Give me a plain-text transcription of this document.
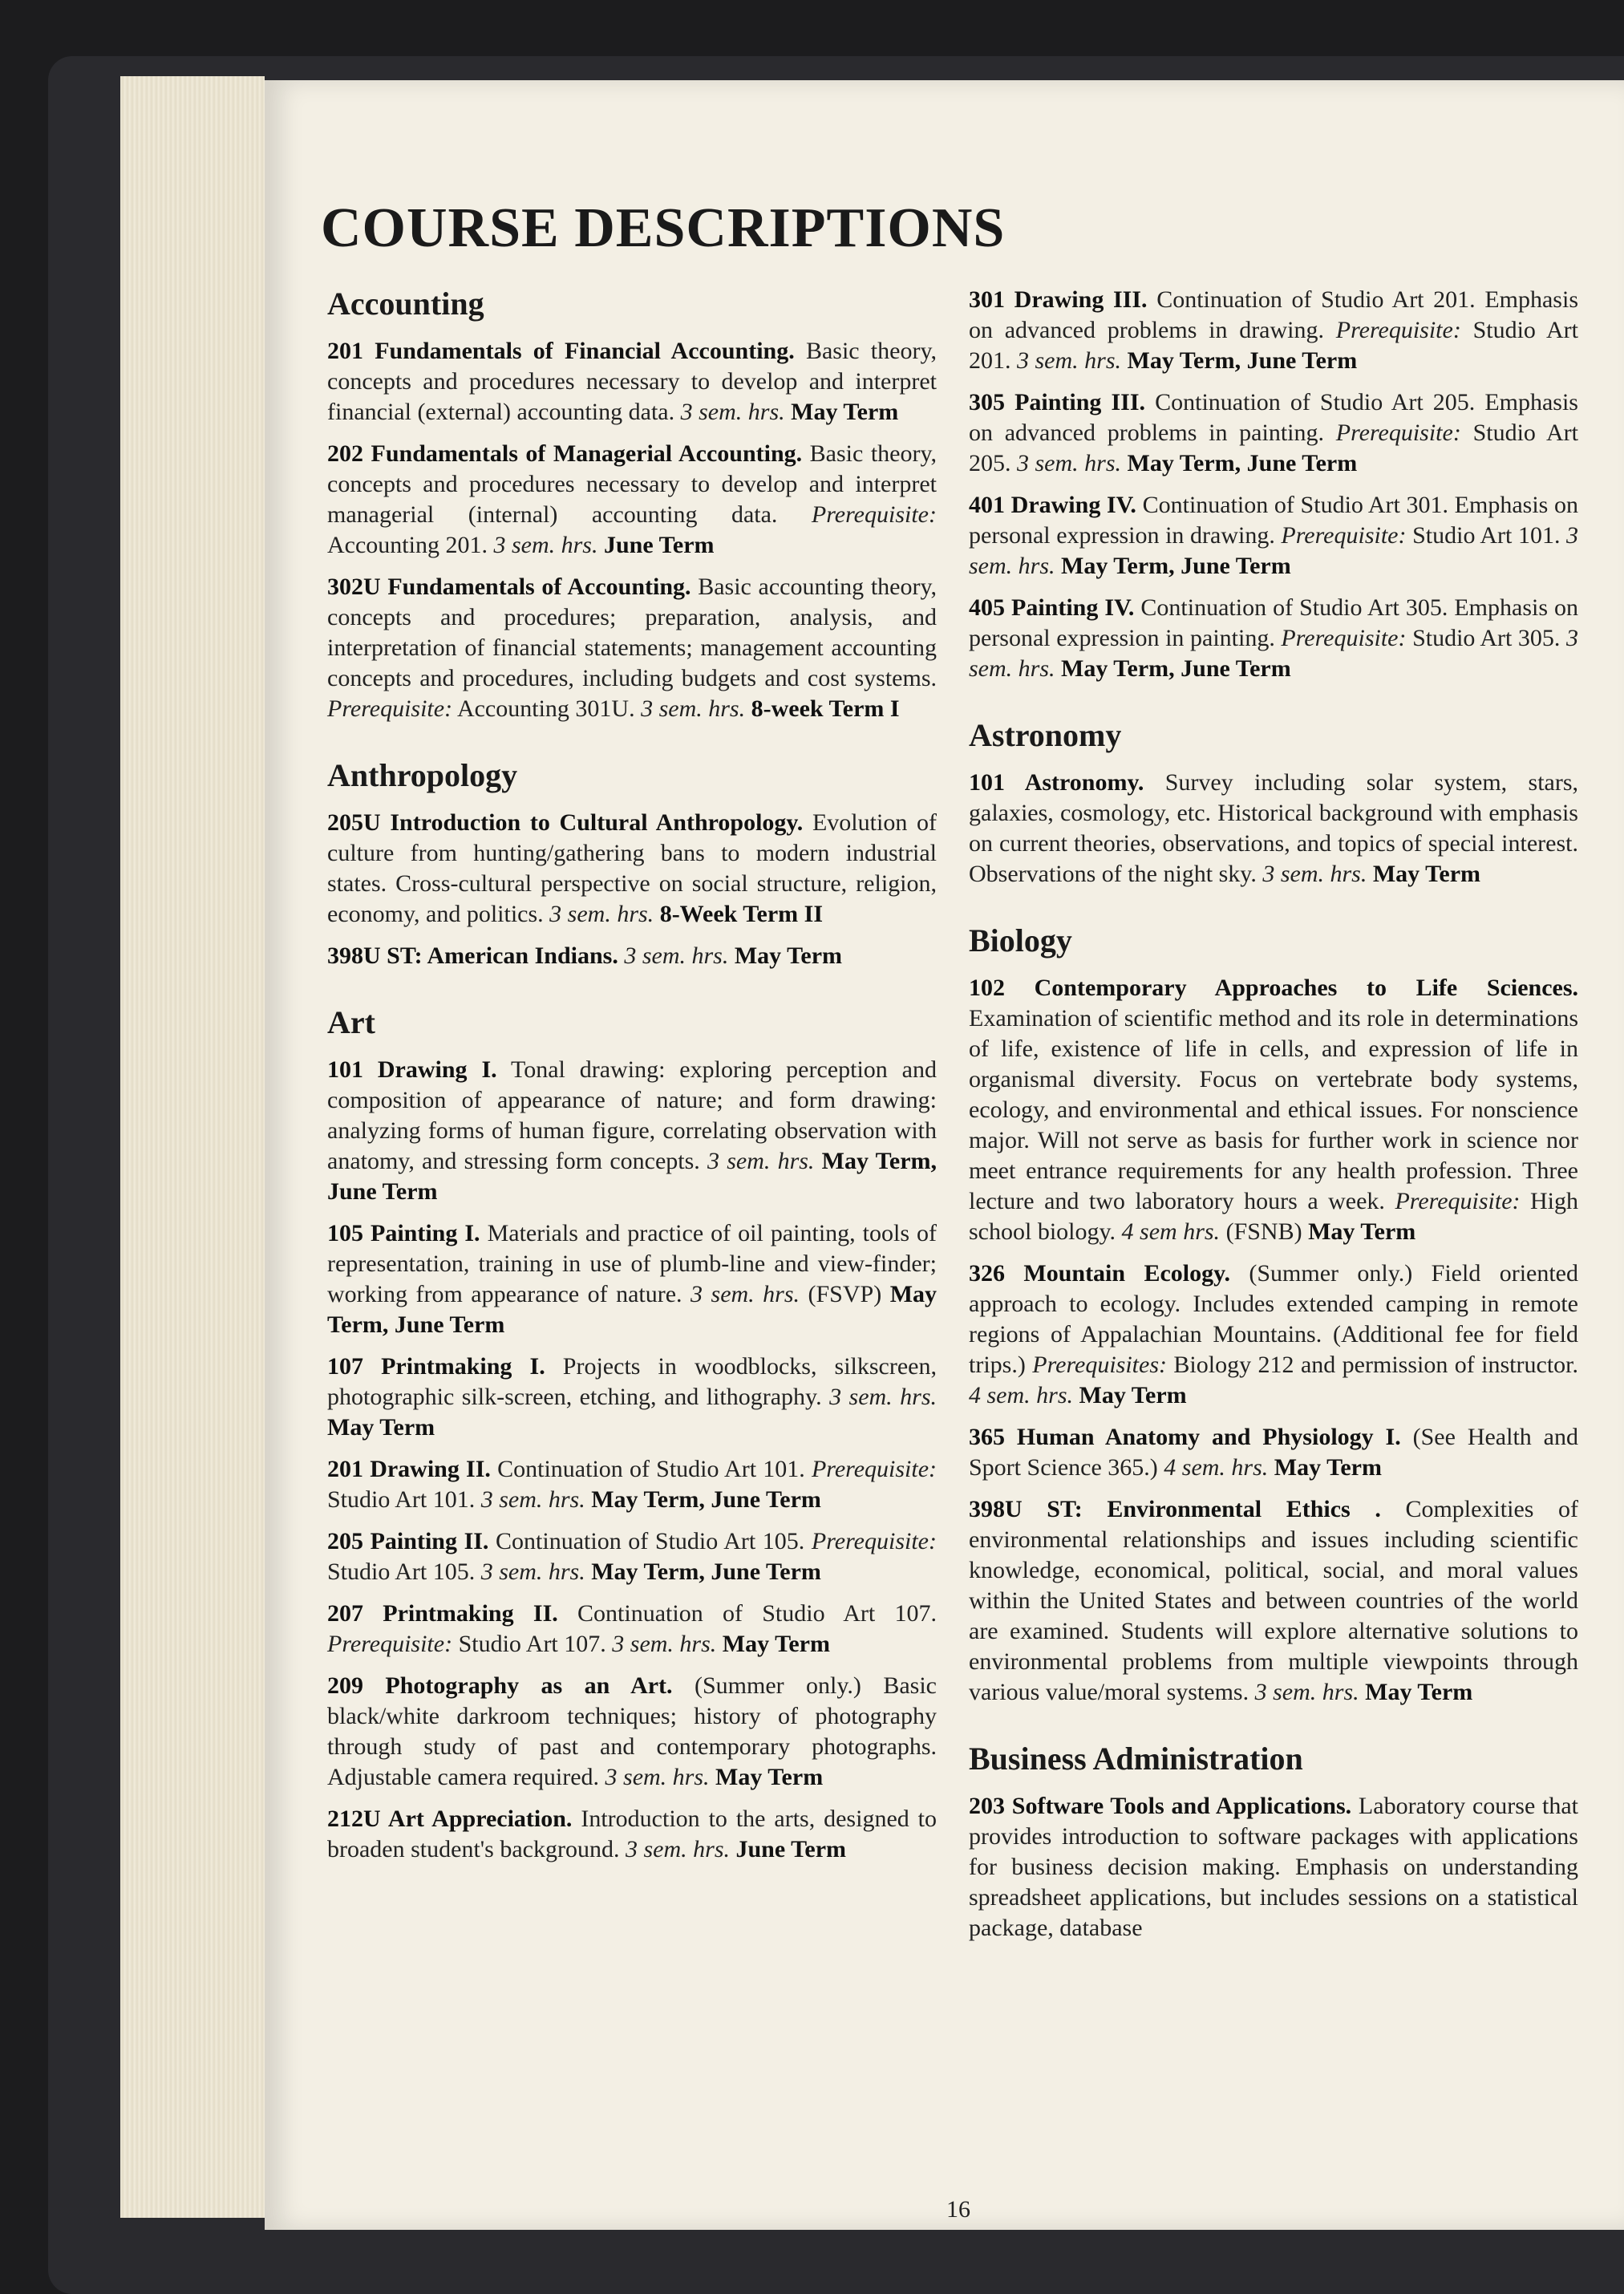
COURSE DESCRIPTIONS
Accounting

201 Fundamentals of Financial Accounting. Basic theory, concepts and procedures necessary to develop and interpret financial (external) accounting data. 3 sem. hrs. May Term

202 Fundamentals of Managerial Accounting. Basic theory, concepts and procedures necessary to develop and interpret managerial (internal) accounting data. Prerequisite: Accounting 201. 3 sem. hrs. June Term

302U Fundamentals of Accounting. Basic accounting theory, concepts and procedures; preparation, analysis, and interpretation of financial statements; management accounting concepts and procedures, including budgets and cost systems. Prerequisite: Accounting 301U. 3 sem. hrs. 8-week Term I

Anthropology

205U Introduction to Cultural Anthropology. Evolution of culture from hunting/gathering bans to modern industrial states. Cross-cultural perspective on social structure, religion, economy, and politics. 3 sem. hrs. 8-Week Term II

398U ST: American Indians. 3 sem. hrs. May Term

Art

101 Drawing I. Tonal drawing: exploring perception and composition of appearance of nature; and form drawing: analyzing forms of human figure, correlating observation with anatomy, and stressing form concepts. 3 sem. hrs. May Term, June Term

105 Painting I. Materials and practice of oil painting, tools of representation, training in use of plumb-line and view-finder; working from appearance of nature. 3 sem. hrs. (FSVP) May Term, June Term

107 Printmaking I. Projects in woodblocks, silkscreen, photographic silk-screen, etching, and lithography. 3 sem. hrs. May Term

201 Drawing II. Continuation of Studio Art 101. Prerequisite: Studio Art 101. 3 sem. hrs. May Term, June Term

205 Painting II. Continuation of Studio Art 105. Prerequisite: Studio Art 105. 3 sem. hrs. May Term, June Term

207 Printmaking II. Continuation of Studio Art 107. Prerequisite: Studio Art 107. 3 sem. hrs. May Term

209 Photography as an Art. (Summer only.) Basic black/white darkroom techniques; history of photography through study of past and contemporary photographs. Adjustable camera required. 3 sem. hrs. May Term

212U Art Appreciation. Introduction to the arts, designed to broaden student's background. 3 sem. hrs. June Term

301 Drawing III. Continuation of Studio Art 201. Emphasis on advanced problems in drawing. Prerequisite: Studio Art 201. 3 sem. hrs. May Term, June Term

305 Painting III. Continuation of Studio Art 205. Emphasis on advanced problems in painting. Prerequisite: Studio Art 205. 3 sem. hrs. May Term, June Term

401 Drawing IV. Continuation of Studio Art 301. Emphasis on personal expression in drawing. Prerequisite: Studio Art 101. 3 sem. hrs. May Term, June Term

405 Painting IV. Continuation of Studio Art 305. Emphasis on personal expression in painting. Prerequisite: Studio Art 305. 3 sem. hrs. May Term, June Term

Astronomy

101 Astronomy. Survey including solar system, stars, galaxies, cosmology, etc. Historical background with emphasis on current theories, observations, and topics of special interest. Observations of the night sky. 3 sem. hrs. May Term

Biology

102 Contemporary Approaches to Life Sciences. Examination of scientific method and its role in determinations of life, existence of life in cells, and expression of life in organismal diversity. Focus on vertebrate body systems, ecology, and environmental and ethical issues. For nonscience major. Will not serve as basis for further work in science nor meet entrance requirements for any health profession. Three lecture and two laboratory hours a week. Prerequisite: High school biology. 4 sem hrs. (FSNB) May Term

326 Mountain Ecology. (Summer only.) Field oriented approach to ecology. Includes extended camping in remote regions of Appalachian Mountains. (Additional fee for field trips.) Prerequisites: Biology 212 and permission of instructor. 4 sem. hrs. May Term

365 Human Anatomy and Physiology I. (See Health and Sport Science 365.) 4 sem. hrs. May Term

398U ST: Environmental Ethics . Complexities of environmental relationships and issues including scientific knowledge, economical, political, social, and moral values within the United States and between countries of the world are examined. Students will explore alternative solutions to environmental problems from multiple viewpoints through various value/moral systems. 3 sem. hrs. May Term

Business Administration

203 Software Tools and Applications. Laboratory course that provides introduction to software packages with applications for business decision making. Emphasis on understanding spreadsheet applications, but includes sessions on a statistical package, database

16
